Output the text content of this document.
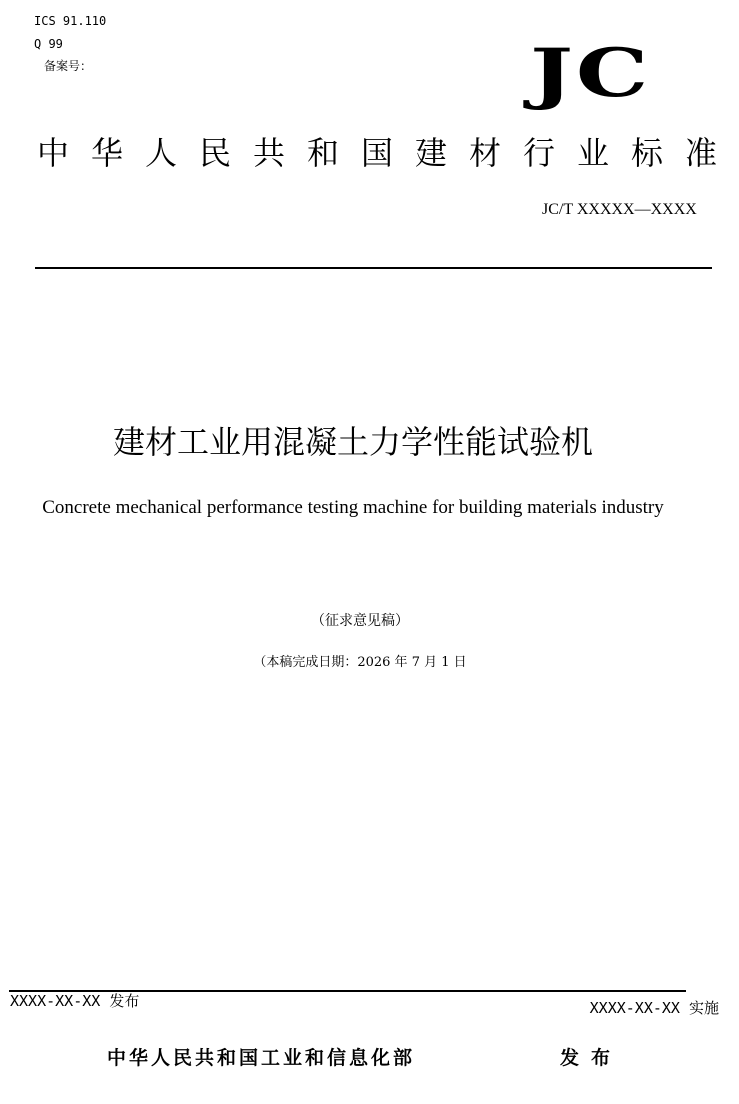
ICS 91.110
Q 99
备案号：	JC
中华人民共和国建材行业标准
JC/T XXXXX—XXXX
建材工业用混凝土力学性能试验机
Concrete mechanical performance testing machine for building materials industry
（征求意见稿）
（本稿完成日期：2026 年 7 月 1 日
XXXX-XX-XX 发布	XXXX-XX-XX 实施
中华人民共和国工业和信息化部	发布
